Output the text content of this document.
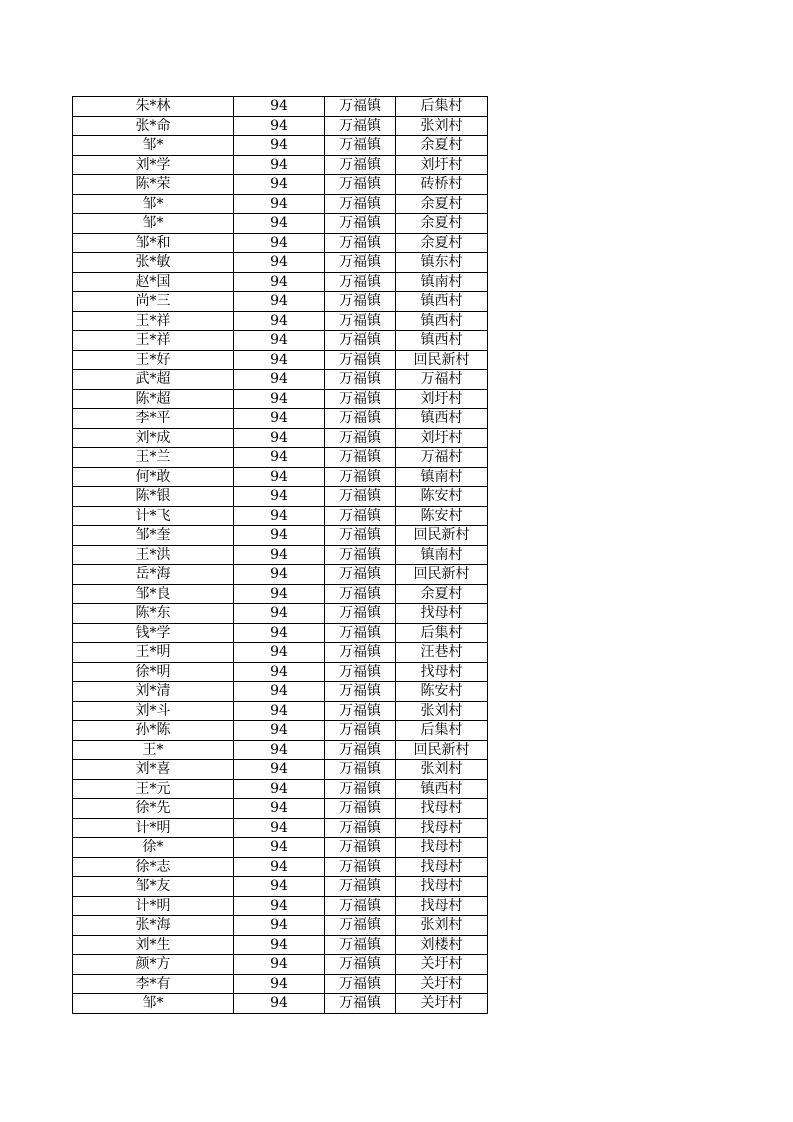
朱*林	94	万福镇	后集村
张*命	94	万福镇	张刘村
邹*	94	万福镇	余夏村
刘*学	94	万福镇	刘圩村
陈*荣	94	万福镇	砖桥村
邹*	94	万福镇	余夏村
邹*	94	万福镇	余夏村
邹*和	94	万福镇	余夏村
张*敏	94	万福镇	镇东村
赵*国	94	万福镇	镇南村
尚*三	94	万福镇	镇西村
王*祥	94	万福镇	镇西村
王*祥	94	万福镇	镇西村
王*好	94	万福镇	回民新村
武*超	94	万福镇	万福村
陈*超	94	万福镇	刘圩村
李*平	94	万福镇	镇西村
刘*成	94	万福镇	刘圩村
王*兰	94	万福镇	万福村
何*敢	94	万福镇	镇南村
陈*银	94	万福镇	陈安村
计*飞	94	万福镇	陈安村
邹*奎	94	万福镇	回民新村
王*洪	94	万福镇	镇南村
岳*海	94	万福镇	回民新村
邹*良	94	万福镇	余夏村
陈*东	94	万福镇	找母村
钱*学	94	万福镇	后集村
王*明	94	万福镇	汪巷村
徐*明	94	万福镇	找母村
刘*清	94	万福镇	陈安村
刘*斗	94	万福镇	张刘村
孙*陈	94	万福镇	后集村
王*	94	万福镇	回民新村
刘*喜	94	万福镇	张刘村
王*元	94	万福镇	镇西村
徐*先	94	万福镇	找母村
计*明	94	万福镇	找母村
徐*	94	万福镇	找母村
徐*志	94	万福镇	找母村
邹*友	94	万福镇	找母村
计*明	94	万福镇	找母村
张*海	94	万福镇	张刘村
刘*生	94	万福镇	刘楼村
颜*方	94	万福镇	关圩村
李*有	94	万福镇	关圩村
邹*	94	万福镇	关圩村
